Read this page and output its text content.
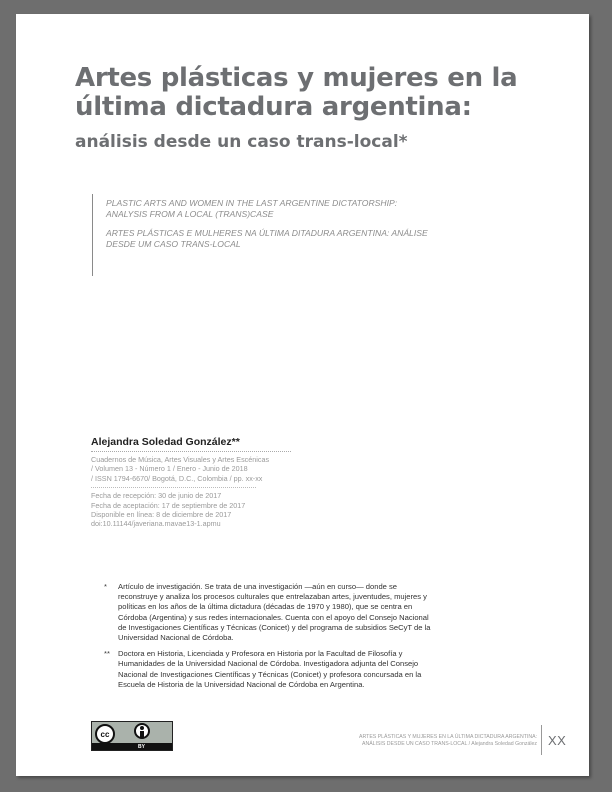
Artes plásticas y mujeres en la
última dictadura argentina:
análisis desde un caso trans-local*

PLASTIC ARTS AND WOMEN IN THE LAST ARGENTINE DICTATORSHIP: ANALYSIS FROM A LOCAL (TRANS)CASE

ARTES PLÁSTICAS E MULHERES NA ÚLTIMA DITADURA ARGENTINA: ANÁLISE DESDE UM CASO TRANS-LOCAL

Alejandra Soledad González**

Cuadernos de Música, Artes Visuales y Artes Escénicas

/ Volumen 13 - Número 1 / Enero - Junio de 2018

/ ISSN 1794-6670/ Bogotá, D.C., Colombia / pp. xx-xx

Fecha de recepción: 30 de junio de 2017

Fecha de aceptación: 17 de septiembre de 2017

Disponible en línea: 8 de diciembre de 2017

doi:10.11144/javeriana.mavae13-1.apmu

* Artículo de investigación. Se trata de una investigación —aún en curso— donde se reconstruye y analiza los procesos culturales que entrelazaban artes, juventudes, mujeres y políticas en los años de la última dictadura (décadas de 1970 y 1980), que se centra en Córdoba (Argentina) y sus redes internacionales. Cuenta con el apoyo del Consejo Nacional de Investigaciones Científicas y Técnicas (Conicet) y del programa de subsidios SeCyT de la Universidad Nacional de Córdoba.
** Doctora en Historia, Licenciada y Profesora en Historia por la Facultad de Filosofía y Humanidades de la Universidad Nacional de Córdoba. Investigadora adjunta del Consejo Nacional de Investigaciones Científicas y Técnicas (Conicet) y profesora concursada en la Escuela de Historia de la Universidad Nacional de Córdoba en Argentina.
cc
BY
ARTES PLÁSTICAS Y MUJERES EN LA ÚLTIMA DICTADURA ARGENTINA:
ANÁLISIS DESDE UN CASO TRANS-LOCAL / Alejandra Soledad González XX
